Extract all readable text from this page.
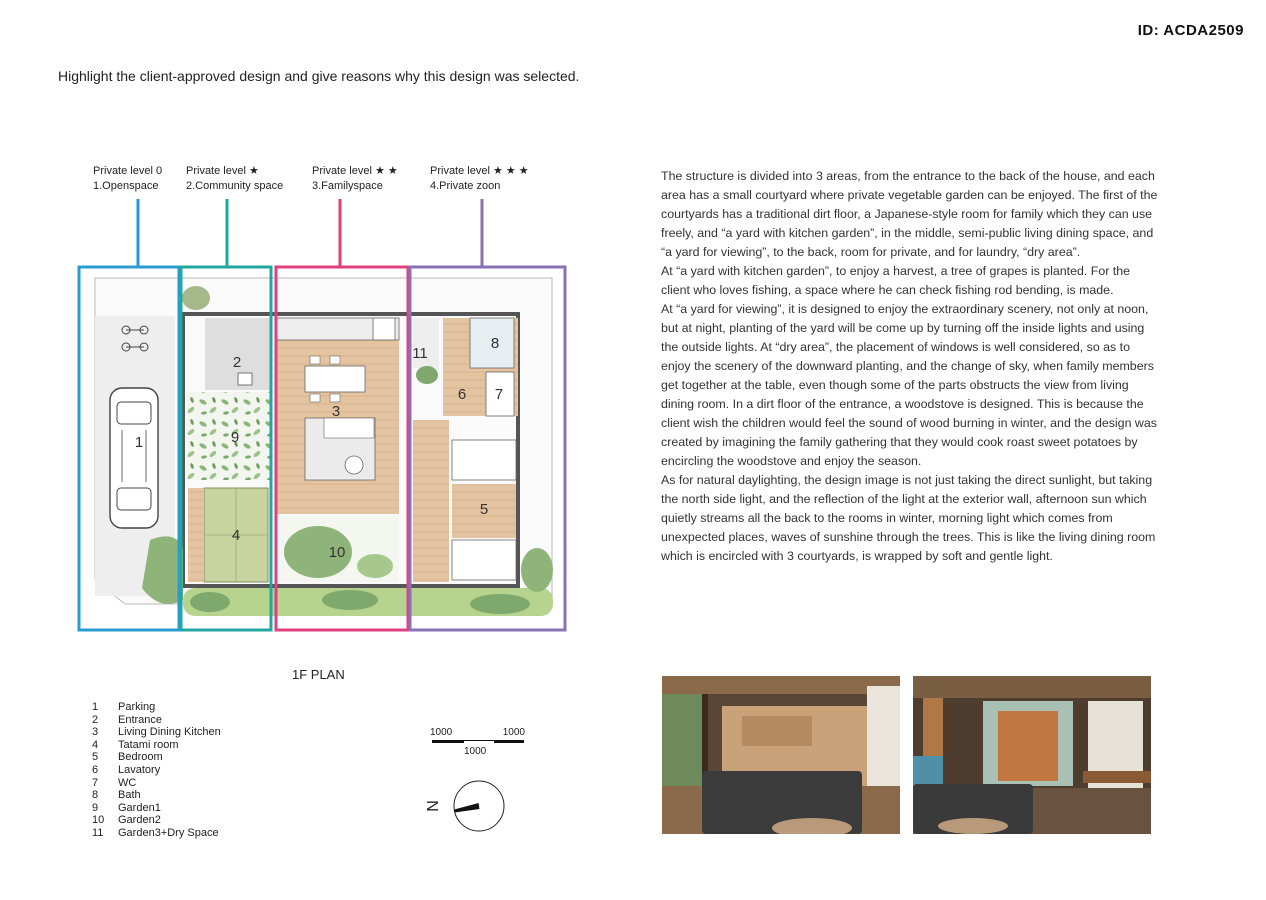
ID: ACDA2509
Highlight the client-approved design and give reasons why this design was selected.
Private level 0
1.Openspace
Private level ★
2.Community space
Private level ★ ★
3.Familyspace
Private level ★ ★ ★
4.Private zoon
1
2
3
4
5
6 7
8
9
10
11
1F PLAN
1	Parking
2	Entrance
3	Living Dining Kitchen
4	Tatami room
5	Bedroom
6	Lavatory
7	WC
8	Bath
9	Garden1
10	Garden2
11	Garden3+Dry Space
1000	1000
1000
N

The structure is divided into 3 areas, from the entrance to the back of the house, and each area has a small courtyard where private vegetable garden can be enjoyed. The first of the courtyards has a traditional dirt floor, a Japanese-style room for family which they can use freely, and “a yard with kitchen garden”, in the middle, semi-public living dining space, and “a yard for viewing”, to the back, room for private, and for laundry, “dry area”.

At “a yard with kitchen garden”, to enjoy a harvest, a tree of grapes is planted. For the client who loves fishing, a space where he can check fishing rod bending, is made.

At “a yard for viewing”, it is designed to enjoy the extraordinary scenery, not only at noon, but at night, planting of the yard will be come up by turning off the inside lights and using the outside lights. At “dry area”, the placement of windows is well considered, so as to enjoy the scenery of the downward planting, and the change of sky, when family members get together at the table, even though some of the parts obstructs the view from living dining room. In a dirt floor of the entrance, a woodstove is designed. This is because the client wish the children would feel the sound of wood burning in winter, and the design was created by imagining the family gathering that they would cook roast sweet potatoes by encircling the woodstove and enjoy the season.

As for natural daylighting, the design image is not just taking the direct sunlight, but taking the north side light, and the reflection of the light at the exterior wall, afternoon sun which quietly streams all the back to the rooms in winter, morning light which comes from unexpected places, waves of sunshine through the trees. This is like the living dining room which is encircled with 3 courtyards, is wrapped by soft and gentle light.
